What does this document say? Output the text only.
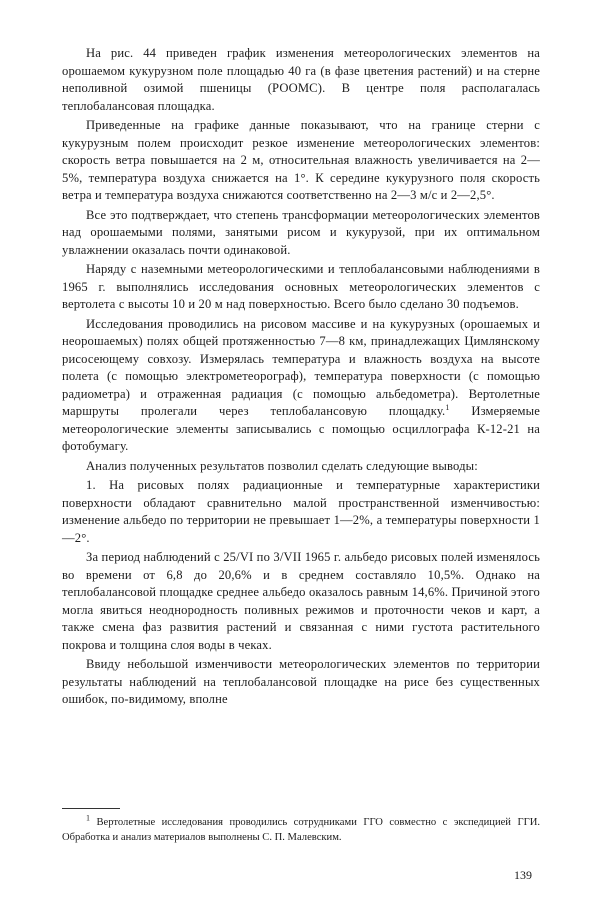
На рис. 44 приведен график изменения метеорологических элементов на орошаемом кукурузном поле площадью 40 га (в фазе цветения растений) и на стерне неполивной озимой пшеницы (РООМС). В центре поля располагалась теплобалансовая площадка.

Приведенные на графике данные показывают, что на границе стерни с кукурузным полем происходит резкое изменение метеорологических элементов: скорость ветра повышается на 2 м, относительная влажность увеличивается на 2—5%, температура воздуха снижается на 1°. К середине кукурузного поля скорость ветра и температура воздуха снижаются соответственно на 2—3 м/с и 2—2,5°.

Все это подтверждает, что степень трансформации метеорологических элементов над орошаемыми полями, занятыми рисом и кукурузой, при их оптимальном увлажнении оказалась почти одинаковой.

Наряду с наземными метеорологическими и теплобалансовыми наблюдениями в 1965 г. выполнялись исследования основных метеорологических элементов с вертолета с высоты 10 и 20 м над поверхностью. Всего было сделано 30 подъемов.

Исследования проводились на рисовом массиве и на кукурузных (орошаемых и неорошаемых) полях общей протяженностью 7—8 км, принадлежащих Цимлянскому рисосеющему совхозу. Измерялась температура и влажность воздуха на высоте полета (с помощью электрометеорограф), температура поверхности (с помощью радиометра) и отраженная радиация (с помощью альбедометра). Вертолетные маршруты пролегали через теплобалансовую площадку.$^1$ Измеряемые метеорологические элементы записывались с помощью осциллографа К-12-21 на фотобумагу.

Анализ полученных результатов позволил сделать следующие выводы:

1. На рисовых полях радиационные и температурные характеристики поверхности обладают сравнительно малой пространственной изменчивостью: изменение альбедо по территории не превышает 1—2%, а температуры поверхности 1—2°.

За период наблюдений с 25/VI по 3/VII 1965 г. альбедо рисовых полей изменялось во времени от 6,8 до 20,6% и в среднем составляло 10,5%. Однако на теплобалансовой площадке среднее альбедо оказалось равным 14,6%. Причиной этого могла явиться неоднородность поливных режимов и проточности чеков и карт, а также смена фаз развития растений и связанная с ними густота растительного покрова и толщина слоя воды в чеках.

Ввиду небольшой изменчивости метеорологических элементов по территории результаты наблюдений на теплобалансовой площадке на рисе без существенных ошибок, по-видимому, вполне

$^1$ Вертолетные исследования проводились сотрудниками ГГО совместно с экспедицией ГГИ. Обработка и анализ материалов выполнены С. П. Малевским.
139
